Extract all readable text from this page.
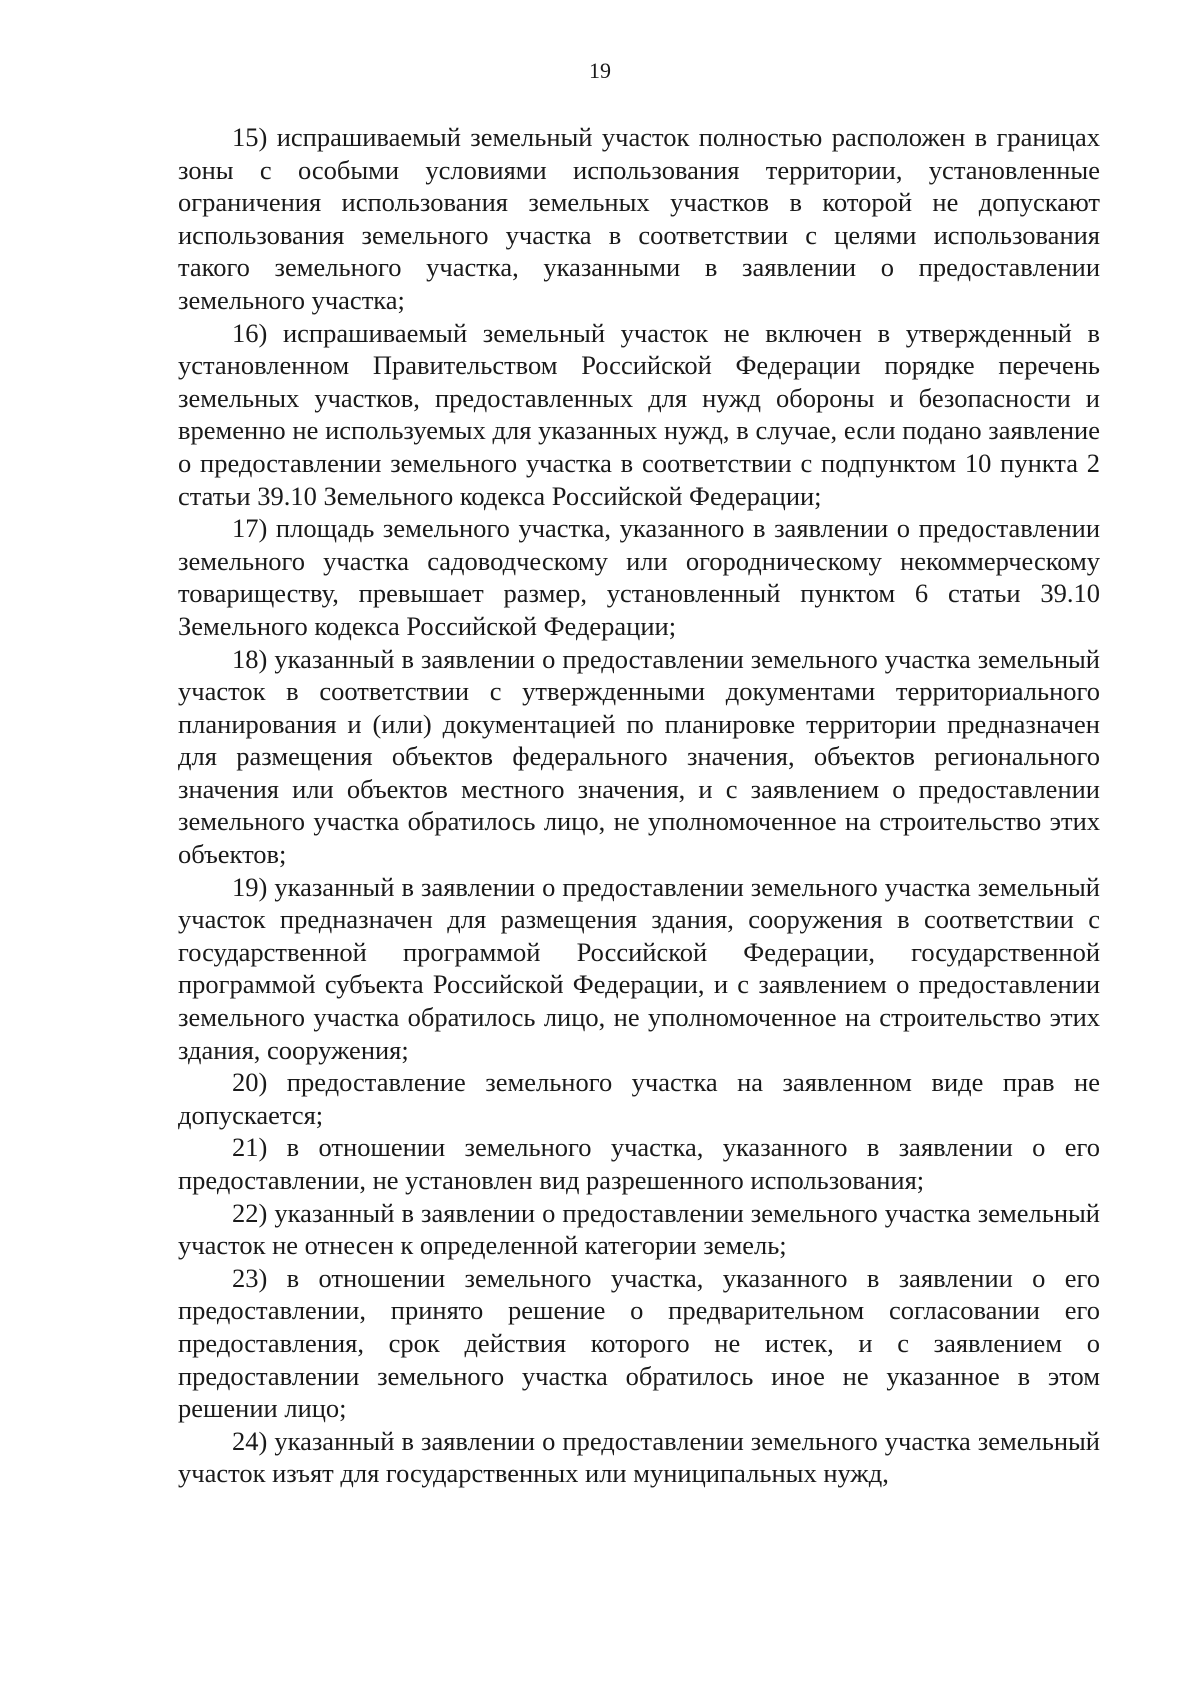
19

15) испрашиваемый земельный участок полностью расположен в границах зоны с особыми условиями использования территории, установленные ограничения использования земельных участков в которой не допускают использования земельного участка в соответствии с целями использования такого земельного участка, указанными в заявлении о предоставлении земельного участка;

16) испрашиваемый земельный участок не включен в утвержденный в установленном Правительством Российской Федерации порядке перечень земельных участков, предоставленных для нужд обороны и безопасности и временно не используемых для указанных нужд, в случае, если подано заявление о предоставлении земельного участка в соответствии с подпунктом 10 пункта 2 статьи 39.10 Земельного кодекса Российской Федерации;

17) площадь земельного участка, указанного в заявлении о предоставлении земельного участка садоводческому или огородническому некоммерческому товариществу, превышает размер, установленный пунктом 6 статьи 39.10 Земельного кодекса Российской Федерации;

18) указанный в заявлении о предоставлении земельного участка земельный участок в соответствии с утвержденными документами территориального планирования и (или) документацией по планировке территории предназначен для размещения объектов федерального значения, объектов регионального значения или объектов местного значения, и с заявлением о предоставлении земельного участка обратилось лицо, не уполномоченное на строительство этих объектов;

19) указанный в заявлении о предоставлении земельного участка земельный участок предназначен для размещения здания, сооружения в соответствии с государственной программой Российской Федерации, государственной программой субъекта Российской Федерации, и с заявлением о предоставлении земельного участка обратилось лицо, не уполномоченное на строительство этих здания, сооружения;

20) предоставление земельного участка на заявленном виде прав не допускается;

21) в отношении земельного участка, указанного в заявлении о его предоставлении, не установлен вид разрешенного использования;

22) указанный в заявлении о предоставлении земельного участка земельный участок не отнесен к определенной категории земель;

23) в отношении земельного участка, указанного в заявлении о его предоставлении, принято решение о предварительном согласовании его предоставления, срок действия которого не истек, и с заявлением о предоставлении земельного участка обратилось иное не указанное в этом решении лицо;

24) указанный в заявлении о предоставлении земельного участка земельный участок изъят для государственных или муниципальных нужд,
